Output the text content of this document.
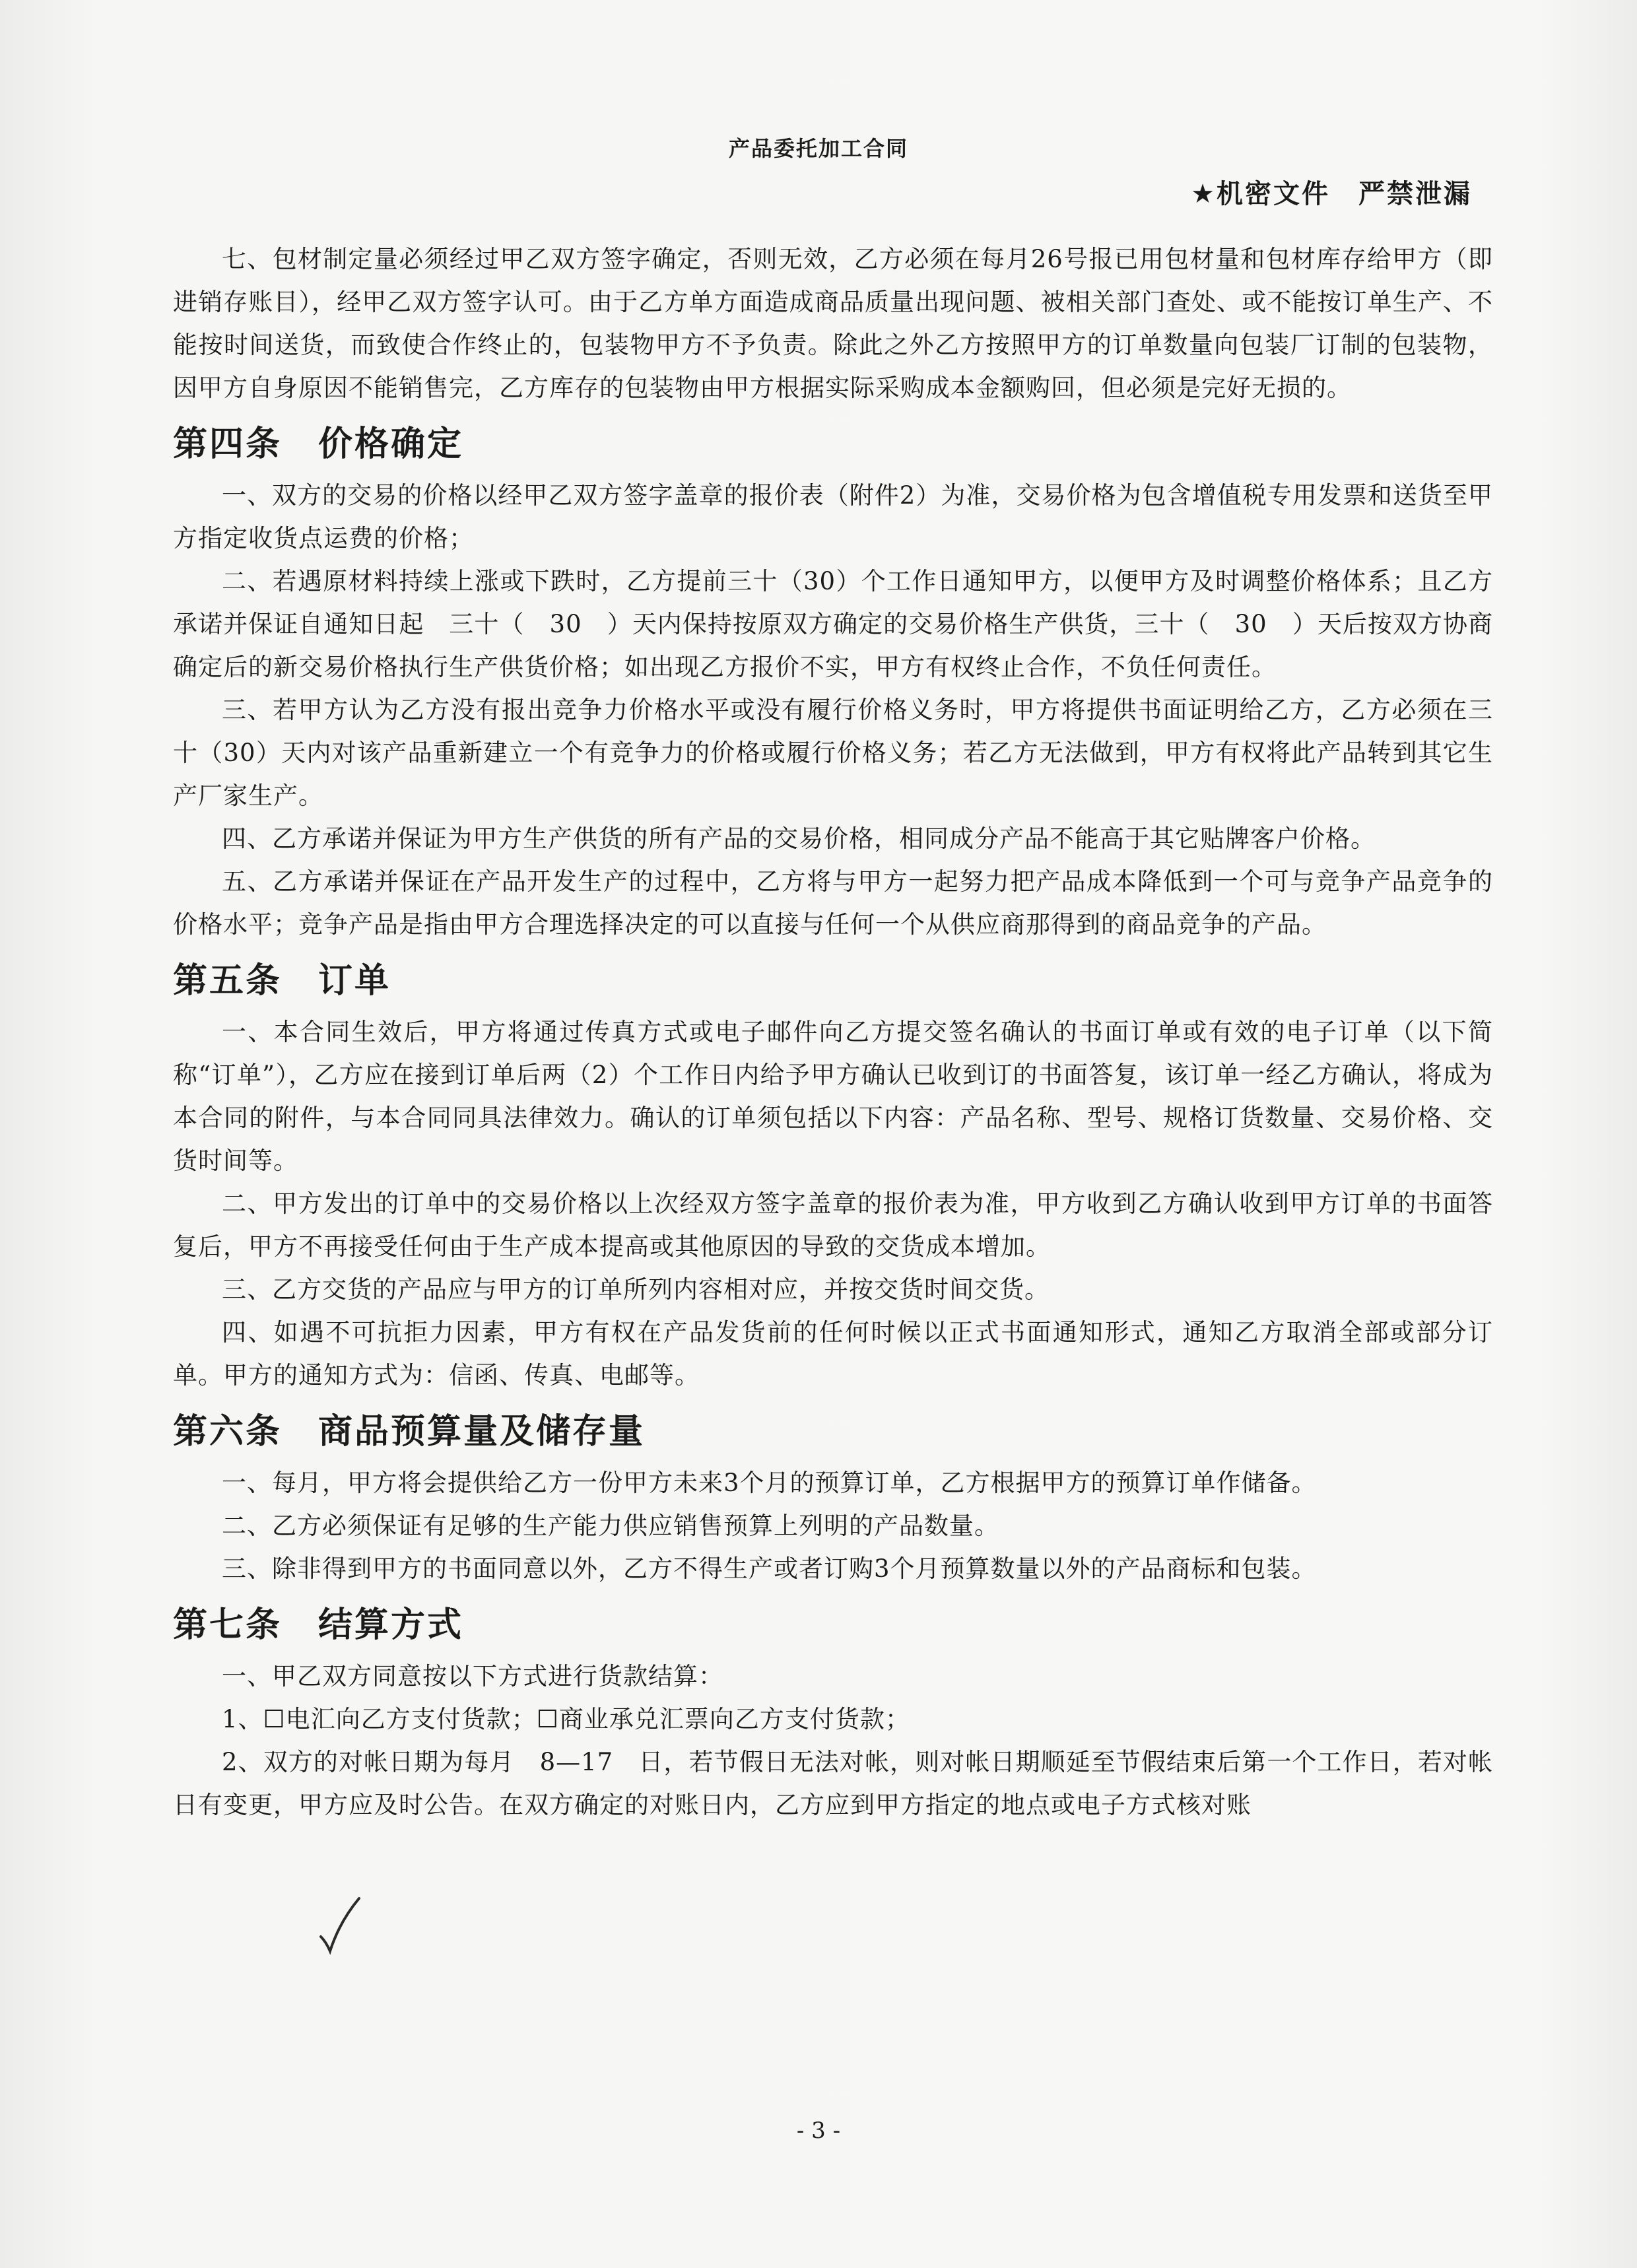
产品委托加工合同
★机密文件　严禁泄漏

七、包材制定量必须经过甲乙双方签字确定，否则无效，乙方必须在每月26号报已用包材量和包材库存给甲方（即进销存账目），经甲乙双方签字认可。由于乙方单方面造成商品质量出现问题、被相关部门查处、或不能按订单生产、不能按时间送货，而致使合作终止的，包装物甲方不予负责。除此之外乙方按照甲方的订单数量向包装厂订制的包装物，因甲方自身原因不能销售完，乙方库存的包装物由甲方根据实际采购成本金额购回，但必须是完好无损的。

第四条　价格确定

一、双方的交易的价格以经甲乙双方签字盖章的报价表（附件2）为准，交易价格为包含增值税专用发票和送货至甲方指定收货点运费的价格；

二、若遇原材料持续上涨或下跌时，乙方提前三十（30）个工作日通知甲方，以便甲方及时调整价格体系；且乙方承诺并保证自通知日起　三十（　30　）天内保持按原双方确定的交易价格生产供货，三十（　30　）天后按双方协商确定后的新交易价格执行生产供货价格；如出现乙方报价不实，甲方有权终止合作，不负任何责任。

三、若甲方认为乙方没有报出竞争力价格水平或没有履行价格义务时，甲方将提供书面证明给乙方，乙方必须在三十（30）天内对该产品重新建立一个有竞争力的价格或履行价格义务；若乙方无法做到，甲方有权将此产品转到其它生产厂家生产。

四、乙方承诺并保证为甲方生产供货的所有产品的交易价格，相同成分产品不能高于其它贴牌客户价格。

五、乙方承诺并保证在产品开发生产的过程中，乙方将与甲方一起努力把产品成本降低到一个可与竞争产品竞争的价格水平；竞争产品是指由甲方合理选择决定的可以直接与任何一个从供应商那得到的商品竞争的产品。

第五条　订单

一、本合同生效后，甲方将通过传真方式或电子邮件向乙方提交签名确认的书面订单或有效的电子订单（以下简称“订单”），乙方应在接到订单后两（2）个工作日内给予甲方确认已收到订的书面答复，该订单一经乙方确认，将成为本合同的附件，与本合同同具法律效力。确认的订单须包括以下内容：产品名称、型号、规格订货数量、交易价格、交货时间等。

二、甲方发出的订单中的交易价格以上次经双方签字盖章的报价表为准，甲方收到乙方确认收到甲方订单的书面答复后，甲方不再接受任何由于生产成本提高或其他原因的导致的交货成本增加。

三、乙方交货的产品应与甲方的订单所列内容相对应，并按交货时间交货。

四、如遇不可抗拒力因素，甲方有权在产品发货前的任何时候以正式书面通知形式，通知乙方取消全部或部分订单。甲方的通知方式为：信函、传真、电邮等。

第六条　商品预算量及储存量

一、每月，甲方将会提供给乙方一份甲方未来3个月的预算订单，乙方根据甲方的预算订单作储备。

二、乙方必须保证有足够的生产能力供应销售预算上列明的产品数量。

三、除非得到甲方的书面同意以外，乙方不得生产或者订购3个月预算数量以外的产品商标和包装。

第七条　结算方式

一、甲乙双方同意按以下方式进行货款结算：

1、☐电汇向乙方支付货款；☐商业承兑汇票向乙方支付货款；

2、双方的对帐日期为每月　8—17　日，若节假日无法对帐，则对帐日期顺延至节假结束后第一个工作日，若对帐日有变更，甲方应及时公告。在双方确定的对账日内，乙方应到甲方指定的地点或电子方式核对账

- 3 -
